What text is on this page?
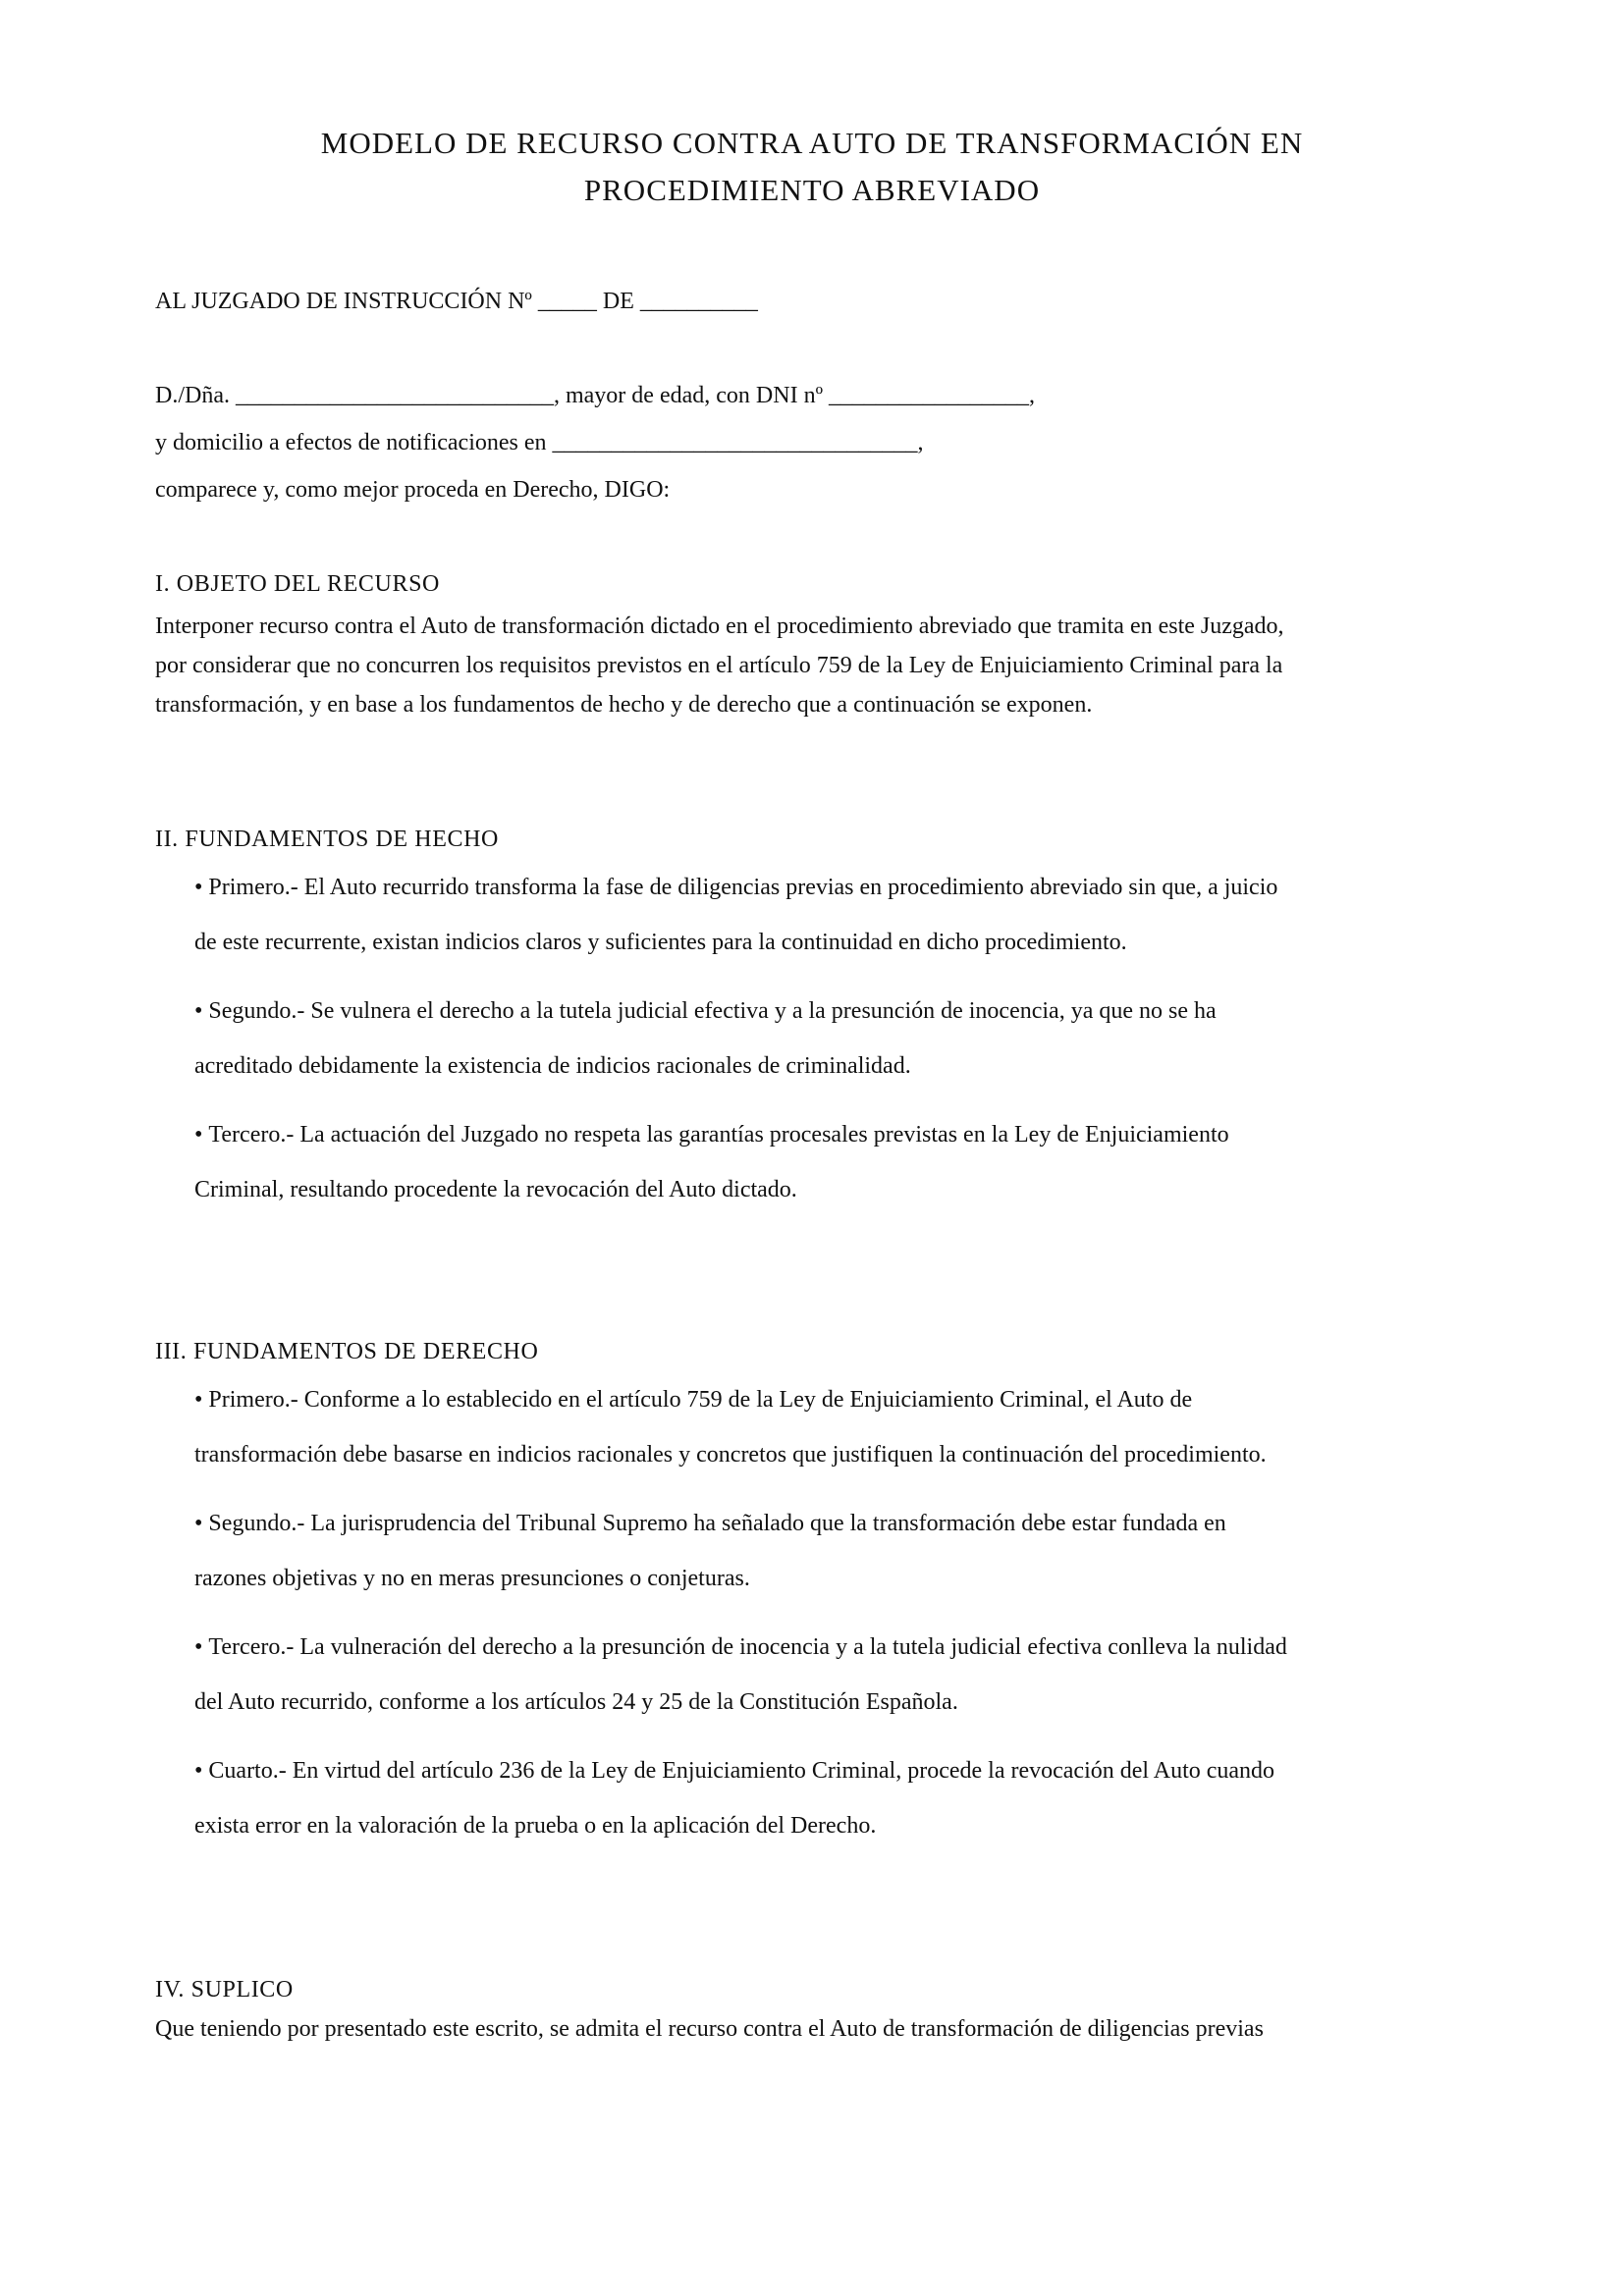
MODELO DE RECURSO CONTRA AUTO DE TRANSFORMACIÓN EN
PROCEDIMIENTO ABREVIADO
AL JUZGADO DE INSTRUCCIÓN Nº _____ DE __________
D./Dña. ___________________________, mayor de edad, con DNI nº _________________,
y domicilio a efectos de notificaciones en _______________________________,
comparece y, como mejor proceda en Derecho, DIGO:
I. OBJETO DEL RECURSO
Interponer recurso contra el Auto de transformación dictado en el procedimiento abreviado que tramita en este Juzgado,
por considerar que no concurren los requisitos previstos en el artículo 759 de la Ley de Enjuiciamiento Criminal para la
transformación, y en base a los fundamentos de hecho y de derecho que a continuación se exponen.
II. FUNDAMENTOS DE HECHO
• Primero.- El Auto recurrido transforma la fase de diligencias previas en procedimiento abreviado sin que, a juicio
de este recurrente, existan indicios claros y suficientes para la continuidad en dicho procedimiento.
• Segundo.- Se vulnera el derecho a la tutela judicial efectiva y a la presunción de inocencia, ya que no se ha
acreditado debidamente la existencia de indicios racionales de criminalidad.
• Tercero.- La actuación del Juzgado no respeta las garantías procesales previstas en la Ley de Enjuiciamiento
Criminal, resultando procedente la revocación del Auto dictado.
III. FUNDAMENTOS DE DERECHO
• Primero.- Conforme a lo establecido en el artículo 759 de la Ley de Enjuiciamiento Criminal, el Auto de
transformación debe basarse en indicios racionales y concretos que justifiquen la continuación del procedimiento.
• Segundo.- La jurisprudencia del Tribunal Supremo ha señalado que la transformación debe estar fundada en
razones objetivas y no en meras presunciones o conjeturas.
• Tercero.- La vulneración del derecho a la presunción de inocencia y a la tutela judicial efectiva conlleva la nulidad
del Auto recurrido, conforme a los artículos 24 y 25 de la Constitución Española.
• Cuarto.- En virtud del artículo 236 de la Ley de Enjuiciamiento Criminal, procede la revocación del Auto cuando
exista error en la valoración de la prueba o en la aplicación del Derecho.
IV. SUPLICO
Que teniendo por presentado este escrito, se admita el recurso contra el Auto de transformación de diligencias previas
